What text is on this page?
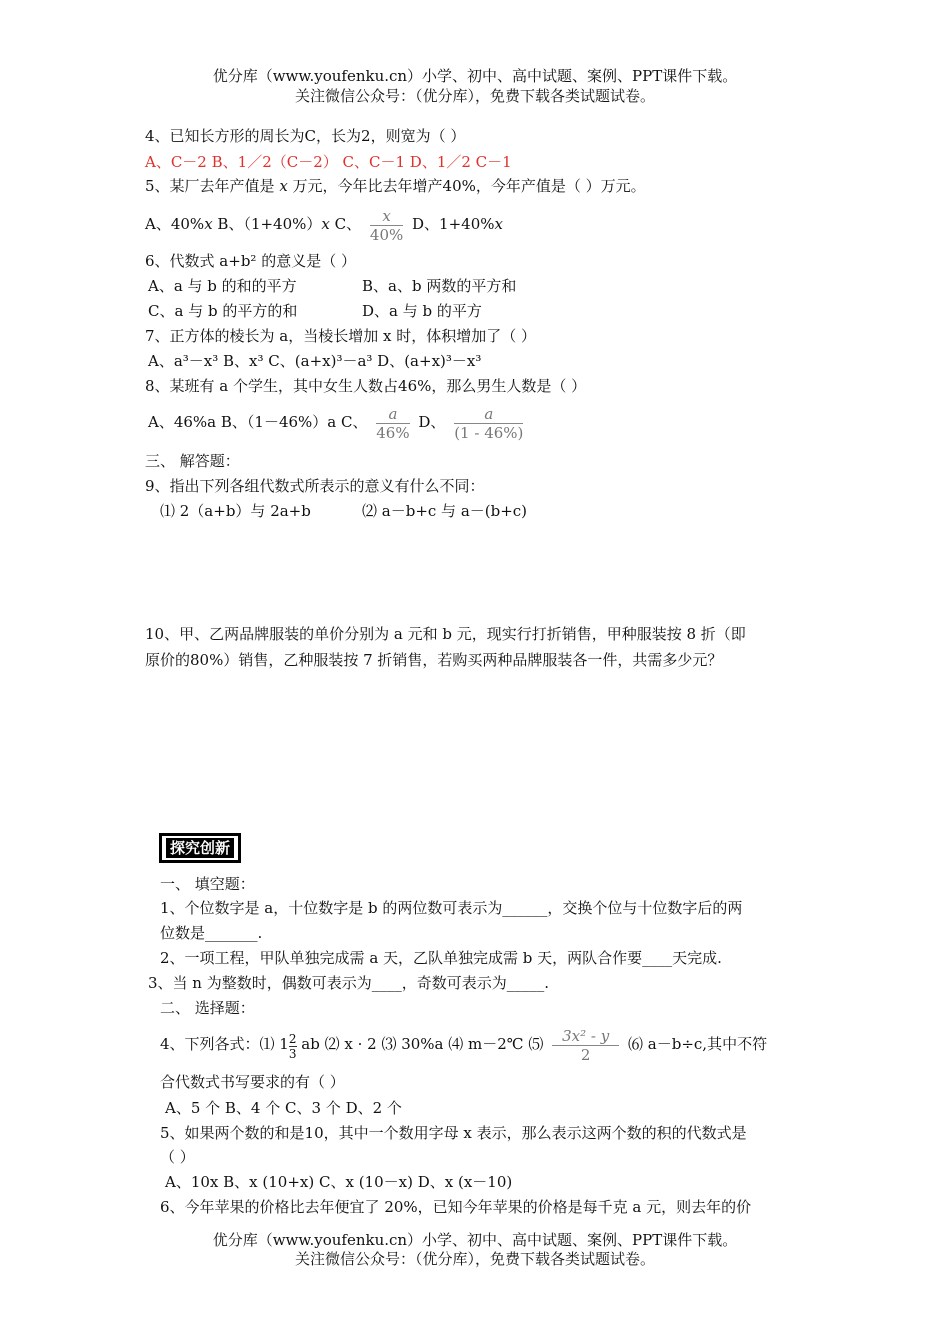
优分库（www.youfenku.cn）小学、初中、高中试题、案例、PPT课件下载。
关注微信公众号：（优分库），免费下载各类试题试卷。
4、已知长方形的周长为C，长为2，则宽为（ ）
A、C－2 B、1／2（C－2） C、C－1 D、1／2 C－1
5、某厂去年产值是 x 万元，今年比去年增产40%，今年产值是（ ）万元。
A、40%x B、（1+40%）x C、 $\frac{x}{40\%}$ D、1+40%x
6、代数式 a+b² 的意义是（ ）
A、a 与 b 的和的平方	B、a、b 两数的平方和
C、a 与 b 的平方的和	D、a 与 b 的平方
7、正方体的棱长为 a，当棱长增加 x 时，体积增加了（ ）
A、a³－x³ B、x³ C、(a+x)³－a³ D、(a+x)³－x³
8、某班有 a 个学生，其中女生人数占46%，那么男生人数是（ ）
A、46%a B、（1－46%）a C、 $\frac{a}{46\%}$ D、 $\frac{a}{(1 - 46\%)}$
三、 解答题：
9、指出下列各组代数式所表示的意义有什么不同：
⑴ 2（a+b）与 2a+b	⑵ a－b+c 与 a－(b+c)
10、甲、乙两品牌服装的单价分别为 a 元和 b 元，现实行打折销售，甲种服装按 8 折（即
原价的80%）销售，乙种服装按 7 折销售，若购买两种品牌服装各一件，共需多少元？
探究创新
一、 填空题：
1、个位数字是 a，十位数字是 b 的两位数可表示为______，交换个位与十位数字后的两
位数是_______.
2、一项工程，甲队单独完成需 a 天，乙队单独完成需 b 天，两队合作要____天完成.
3、当 n 为整数时，偶数可表示为____，奇数可表示为_____.
二、 选择题：
4、下列各式：⑴ $1 \frac{2}{3}$ ab ⑵ x · 2 ⑶ 30%a ⑷ m－2℃ ⑸ $\frac{\text{3x² - y}}{2}$ ⑹ a－b÷c,其中不符
合代数式书写要求的有（ ）
A、5 个 B、4 个 C、3 个 D、2 个
5、如果两个数的和是10，其中一个数用字母 x 表示，那么表示这两个数的积的代数式是
（ ）
A、10x B、x (10+x) C、x (10－x) D、x (x－10)
6、今年苹果的价格比去年便宜了 20%，已知今年苹果的价格是每千克 a 元，则去年的价
优分库（www.youfenku.cn）小学、初中、高中试题、案例、PPT课件下载。
关注微信公众号：（优分库），免费下载各类试题试卷。
